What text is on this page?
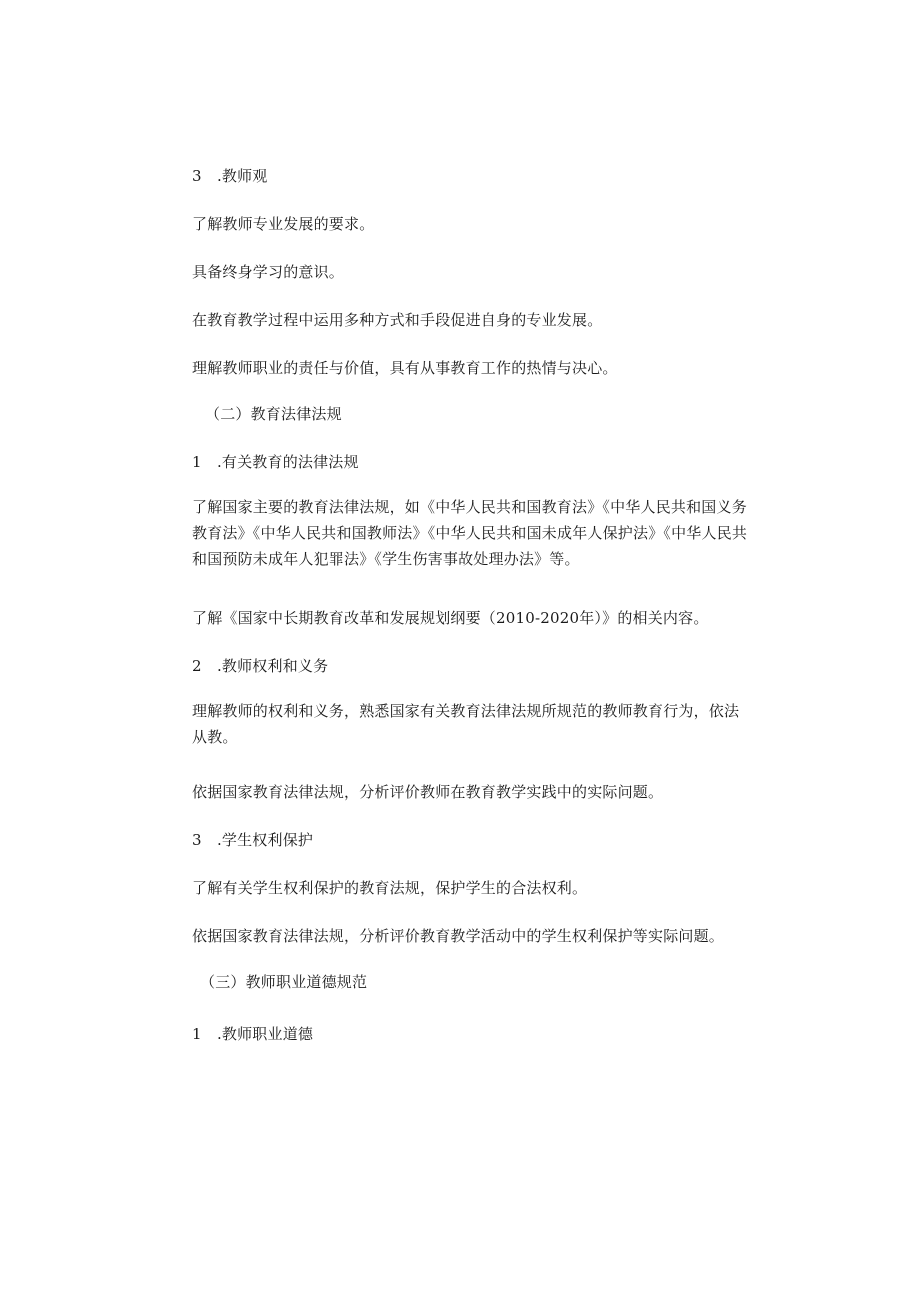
3　.教师观
了解教师专业发展的要求。
具备终身学习的意识。
在教育教学过程中运用多种方式和手段促进自身的专业发展。
理解教师职业的责任与价值，具有从事教育工作的热情与决心。
（二）教育法律法规
1　.有关教育的法律法规
了解国家主要的教育法律法规，如《中华人民共和国教育法》《中华人民共和国义务教育法》《中华人民共和国教师法》《中华人民共和国未成年人保护法》《中华人民共和国预防未成年人犯罪法》《学生伤害事故处理办法》等。
了解《国家中长期教育改革和发展规划纲要（2010-2020年）》的相关内容。
2　.教师权利和义务
理解教师的权利和义务，熟悉国家有关教育法律法规所规范的教师教育行为，依法从教。
依据国家教育法律法规，分析评价教师在教育教学实践中的实际问题。
3　.学生权利保护
了解有关学生权利保护的教育法规，保护学生的合法权利。
依据国家教育法律法规，分析评价教育教学活动中的学生权利保护等实际问题。
（三）教师职业道德规范
1　.教师职业道德
